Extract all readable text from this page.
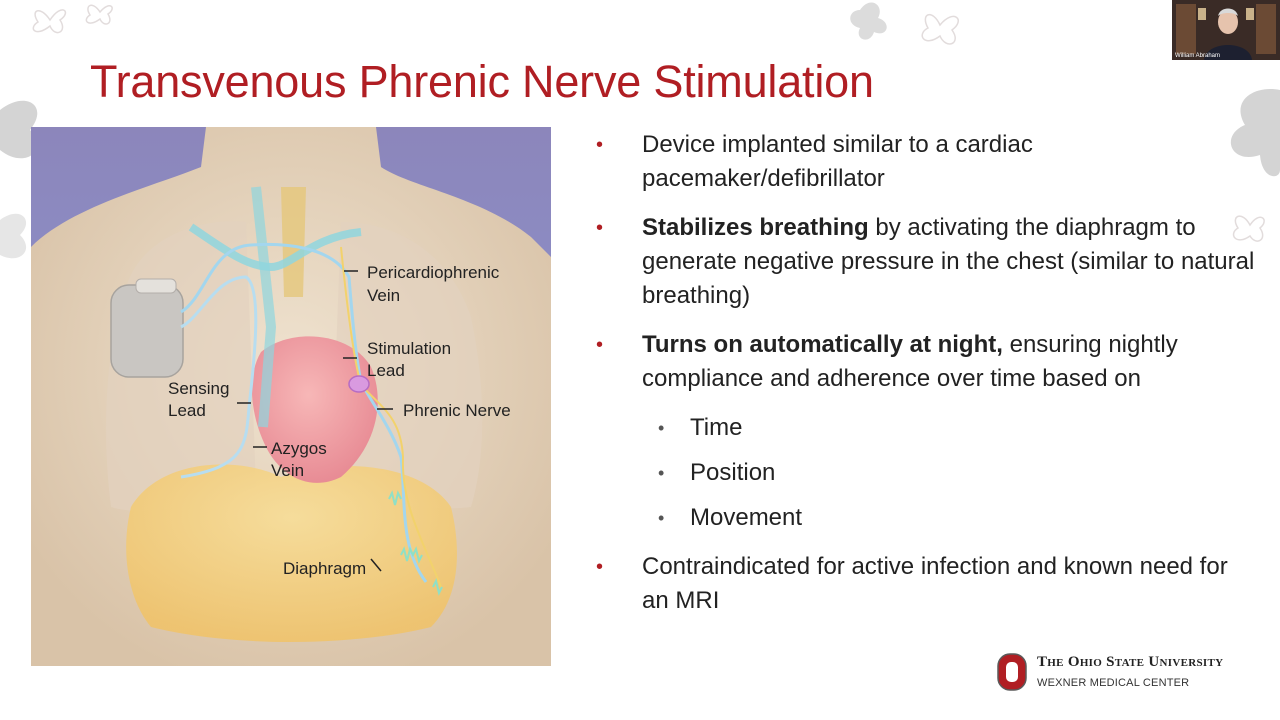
Transvenous Phrenic Nerve Stimulation
Pericardiophrenic
Vein
Stimulation
Lead
Sensing
Lead	Phrenic Nerve
Azygos
Vein
Diaphragm
• Device implanted similar to a cardiac pacemaker/defibrillator
• Stabilizes breathing by activating the diaphragm to generate negative pressure in the chest (similar to natural breathing)
• Turns on automatically at night, ensuring nightly compliance and adherence over time based on
• Time
• Position
• Movement
• Contraindicated for active infection and known need for an MRI
The Ohio State University
WEXNER MEDICAL CENTER
William Abraham
